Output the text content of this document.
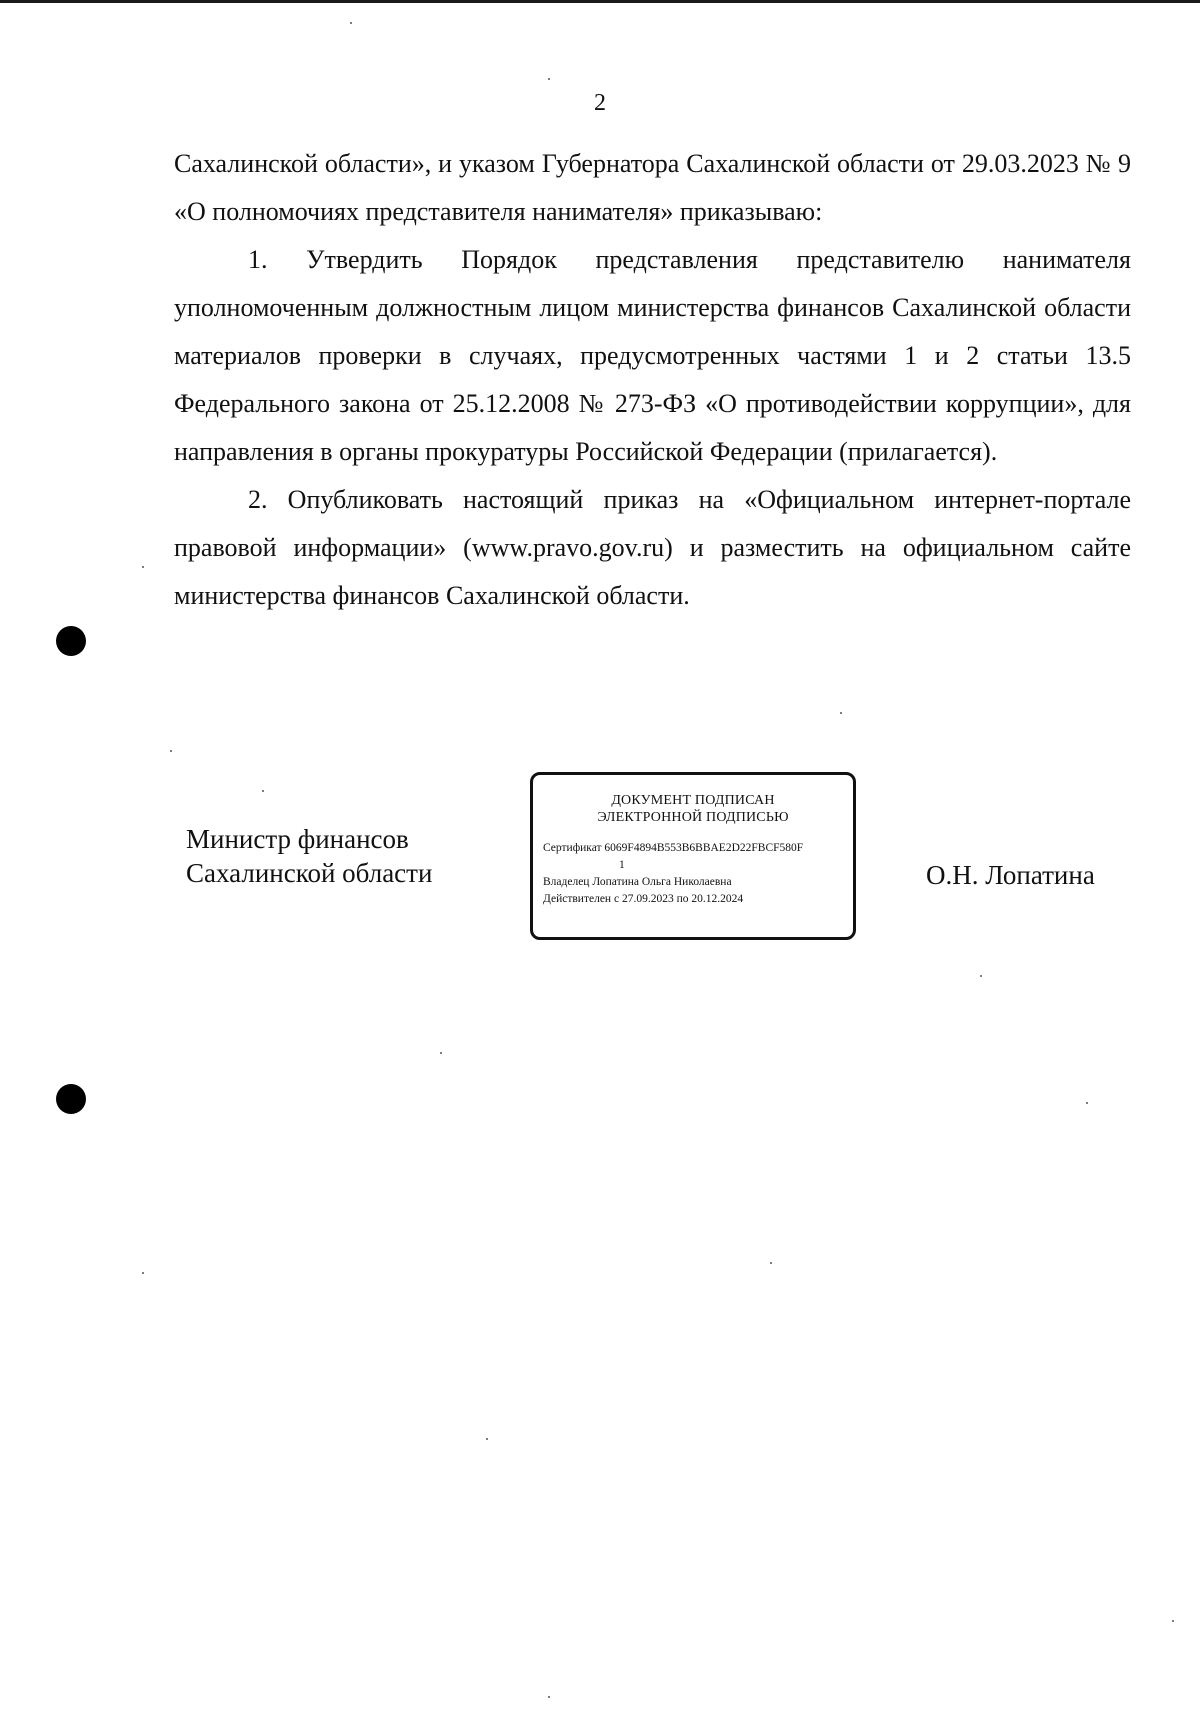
2

Сахалинской области», и указом Губернатора Сахалинской области от 29.03.2023 № 9 «О полномочиях представителя нанимателя» приказываю:

1. Утвердить Порядок представления представителю нанимателя уполномоченным должностным лицом министерства финансов Сахалинской области материалов проверки в случаях, предусмотренных частями 1 и 2 статьи 13.5 Федерального закона от 25.12.2008 № 273-ФЗ «О противодействии коррупции», для направления в органы прокуратуры Российской Федерации (прилагается).

2. Опубликовать настоящий приказ на «Официальном интернет-портале правовой информации» (www.pravo.gov.ru) и разместить на официальном сайте министерства финансов Сахалинской области.

Министр финансов
Сахалинской области
ДОКУМЕНТ ПОДПИСАН
ЭЛЕКТРОННОЙ ПОДПИСЬЮ
Сертификат 6069F4894B553B6BBAE2D22FBCF580F
1
Владелец Лопатина Ольга Николаевна
Действителен с 27.09.2023 по 20.12.2024
О.Н. Лопатина
